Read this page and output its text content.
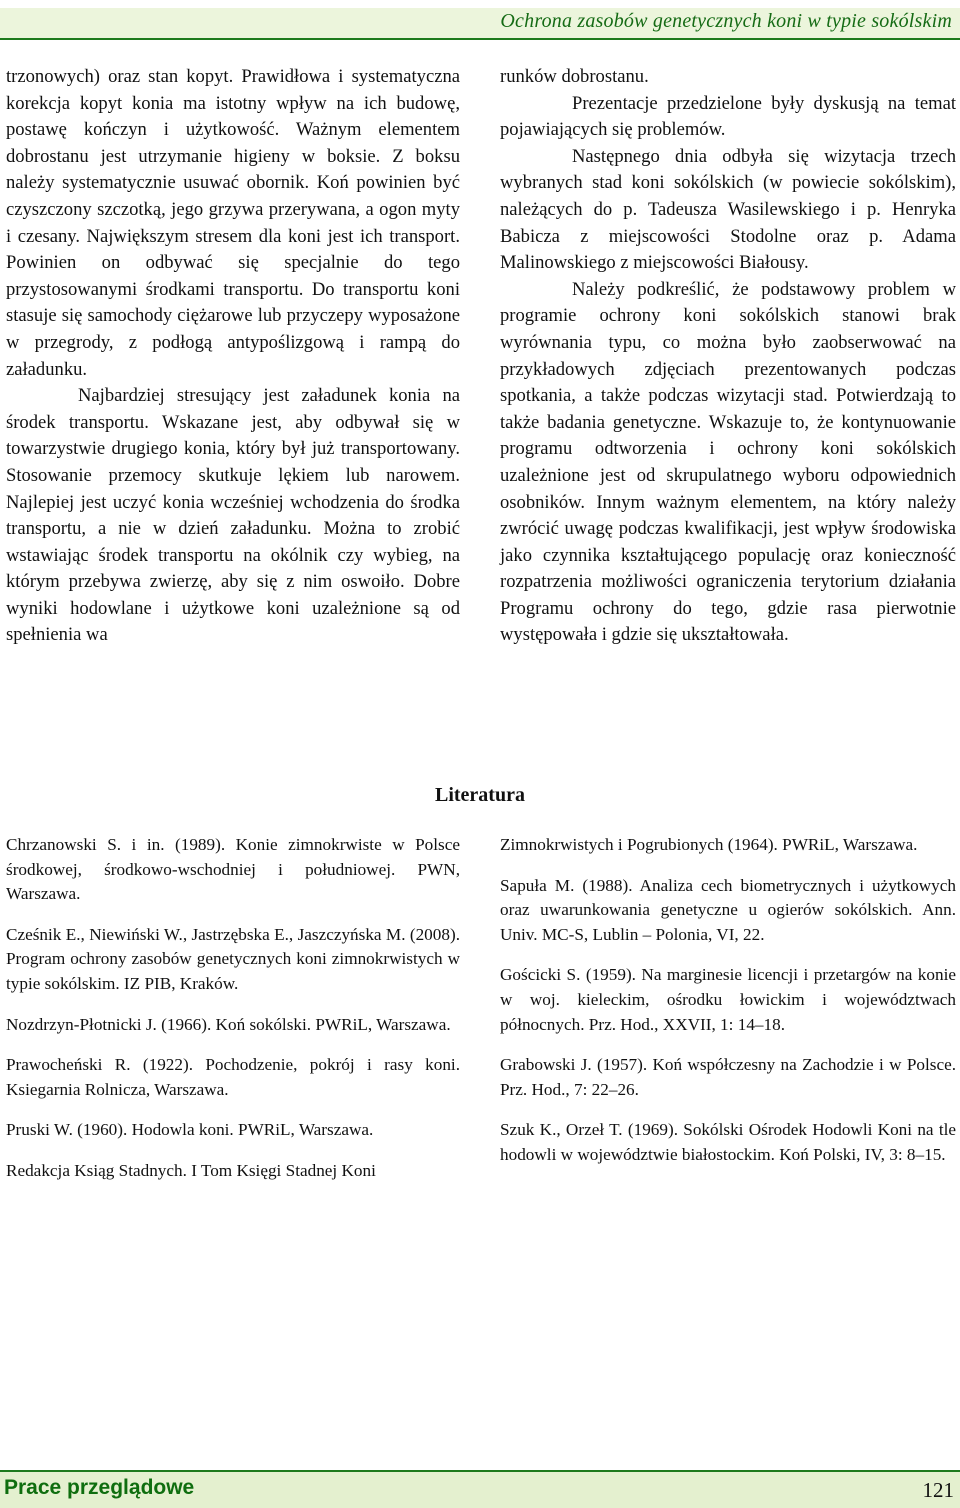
Ochrona zasobów genetycznych koni w typie sokólskim

trzonowych) oraz stan kopyt. Prawidłowa i systematyczna korekcja kopyt konia ma istotny wpływ na ich budowę, postawę kończyn i użytkowość. Ważnym elementem dobrostanu jest utrzymanie higieny w boksie. Z boksu należy systematycznie usuwać obornik. Koń powinien być czyszczony szczotką, jego grzywa przerywana, a ogon myty i czesany. Największym stresem dla koni jest ich transport. Powinien on odbywać się specjalnie do tego przystosowanymi środkami transportu. Do transportu koni stasuje się samochody ciężarowe lub przyczepy wyposażone w przegrody, z podłogą antypoślizgową i rampą do załadunku.

Najbardziej stresujący jest załadunek konia na środek transportu. Wskazane jest, aby odbywał się w towarzystwie drugiego konia, który był już transportowany. Stosowanie przemocy skutkuje lękiem lub narowem. Najlepiej jest uczyć konia wcześniej wchodzenia do środka transportu, a nie w dzień załadunku. Można to zrobić wstawiając środek transportu na okólnik czy wybieg, na którym przebywa zwierzę, aby się z nim oswoiło. Dobre wyniki hodowlane i użytkowe koni uzależnione są od spełnienia wa

runków dobrostanu.

Prezentacje przedzielone były dyskusją na temat pojawiających się problemów.

Następnego dnia odbyła się wizytacja trzech wybranych stad koni sokólskich (w powiecie sokólskim), należących do p. Tadeusza Wasilewskiego i p. Henryka Babicza z miejscowości Stodolne oraz p. Adama Malinowskiego z miejscowości Białousy.

Należy podkreślić, że podstawowy problem w programie ochrony koni sokólskich stanowi brak wyrównania typu, co można było zaobserwować na przykładowych zdjęciach prezentowanych podczas spotkania, a także podczas wizytacji stad. Potwierdzają to także badania genetyczne. Wskazuje to, że kontynuowanie programu odtworzenia i ochrony koni sokólskich uzależnione jest od skrupulatnego wyboru odpowiednich osobników. Innym ważnym elementem, na który należy zwrócić uwagę podczas kwalifikacji, jest wpływ środowiska jako czynnika kształtującego populację oraz konieczność rozpatrzenia możliwości ograniczenia terytorium działania Programu ochrony do tego, gdzie rasa pierwotnie występowała i gdzie się ukształtowała.

Literatura

Chrzanowski S. i in. (1989). Konie zimnokrwiste w Polsce środkowej, środkowo-wschodniej i południowej. PWN, Warszawa.

Cześnik E., Niewiński W., Jastrzębska E., Jaszczyńska M. (2008). Program ochrony zasobów genetycznych koni zimnokrwistych w typie sokólskim. IZ PIB, Kraków.

Nozdrzyn-Płotnicki J. (1966). Koń sokólski. PWRiL, Warszawa.

Prawocheński R. (1922). Pochodzenie, pokrój i rasy koni. Ksiegarnia Rolnicza, Warszawa.

Pruski W. (1960). Hodowla koni. PWRiL, Warszawa.

Redakcja Ksiąg Stadnych. I Tom Księgi Stadnej Koni

Zimnokrwistych i Pogrubionych (1964). PWRiL, Warszawa.

Sapuła M. (1988). Analiza cech biometrycznych i użytkowych oraz uwarunkowania genetyczne u ogierów sokólskich. Ann. Univ. MC-S, Lublin – Polonia, VI, 22.

Gościcki S. (1959). Na marginesie licencji i przetargów na konie w woj. kieleckim, ośrodku łowickim i województwach północnych. Prz. Hod., XXVII, 1: 14–18.

Grabowski J. (1957). Koń współczesny na Zachodzie i w Polsce. Prz. Hod., 7: 22–26.

Szuk K., Orzeł T. (1969). Sokólski Ośrodek Hodowli Koni na tle hodowli w województwie białostockim. Koń Polski, IV, 3: 8–15.

Prace przeglądowe	121
